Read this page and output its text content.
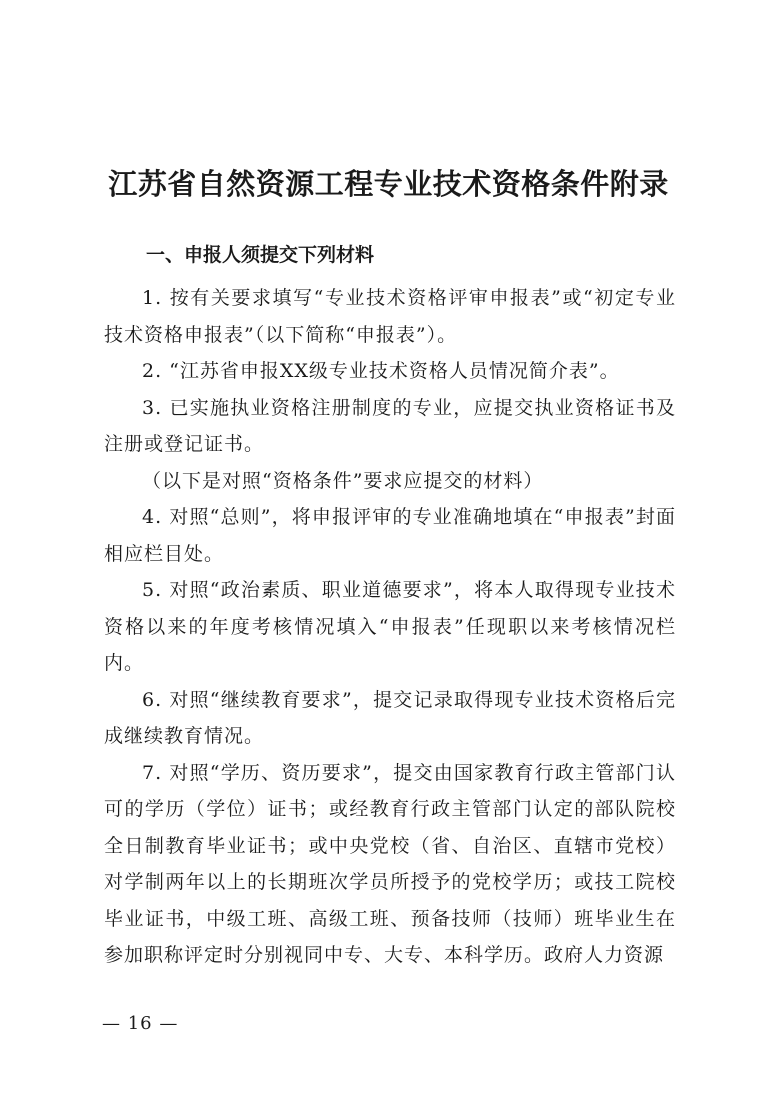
江苏省自然资源工程专业技术资格条件附录
一、申报人须提交下列材料

1. 按有关要求填写“专业技术资格评审申报表”或“初定专业技术资格申报表”（以下简称“申报表”）。

2. “江苏省申报XX级专业技术资格人员情况简介表”。

3. 已实施执业资格注册制度的专业，应提交执业资格证书及注册或登记证书。

（以下是对照“资格条件”要求应提交的材料）

4. 对照“总则”，将申报评审的专业准确地填在“申报表”封面相应栏目处。

5. 对照“政治素质、职业道德要求”，将本人取得现专业技术资格以来的年度考核情况填入“申报表”任现职以来考核情况栏内。

6. 对照“继续教育要求”，提交记录取得现专业技术资格后完成继续教育情况。

7. 对照“学历、资历要求”，提交由国家教育行政主管部门认可的学历（学位）证书；或经教育行政主管部门认定的部队院校全日制教育毕业证书；或中央党校（省、自治区、直辖市党校）对学制两年以上的长期班次学员所授予的党校学历；或技工院校毕业证书，中级工班、高级工班、预备技师（技师）班毕业生在参加职称评定时分别视同中专、大专、本科学历。政府人力资源

— 16 —
